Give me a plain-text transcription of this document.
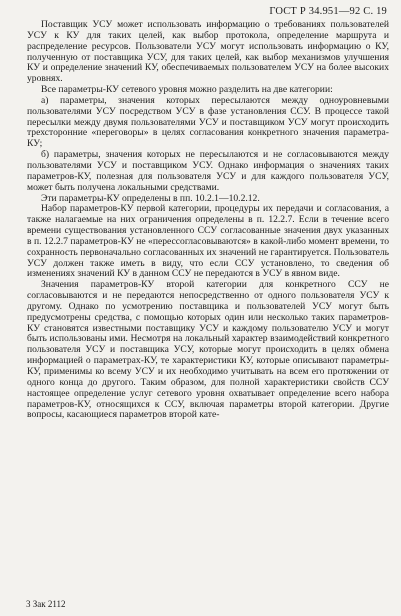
ГОСТ Р 34.951—92 С. 19

Поставщик УСУ может использовать информацию о требованиях пользователей УСУ к КУ для таких целей, как выбор протокола, определение маршрута и распределение ресурсов. Пользователи УСУ могут использовать информацию о КУ, полученную от поставщика УСУ, для таких целей, как выбор механизмов улучшения КУ и определение значений КУ, обеспечиваемых пользователем УСУ на более высоких уровнях.

Все параметры-КУ сетевого уровня можно разделить на две категории:

а) параметры, значения которых пересылаются между одноуровневыми пользователями УСУ посредством УСУ в фазе установления ССУ. В процессе такой пересылки между двумя пользователями УСУ и поставщиком УСУ могут происходить трехсторонние «переговоры» в целях согласования конкретного значения параметра-КУ;

б) параметры, значения которых не пересылаются и не согласовываются между пользователями УСУ и поставщиком УСУ. Однако информация о значениях таких параметров-КУ, полезная для пользователя УСУ и для каждого пользователя УСУ, может быть получена локальными средствами.

Эти параметры-КУ определены в пп. 10.2.1—10.2.12.

Набор параметров-КУ первой категории, процедуры их передачи и согласования, а также налагаемые на них ограничения определены в п. 12.2.7. Если в течение всего времени существования установленного ССУ согласованные значения двух указанных в п. 12.2.7 параметров-КУ не «перессогласовываются» в какой-либо момент времени, то сохранность первоначально согласованных их значений не гарантируется. Пользователь УСУ должен также иметь в виду, что если ССУ установлено, то сведения об изменениях значений КУ в данном ССУ не передаются в УСУ в явном виде.

Значения параметров-КУ второй категории для конкретного ССУ не согласовываются и не передаются непосредственно от одного пользователя УСУ к другому. Однако по усмотрению поставщика и пользователей УСУ могут быть предусмотрены средства, с помощью которых один или несколько таких параметров-КУ становятся известными поставщику УСУ и каждому пользователю УСУ и могут быть использованы ими. Несмотря на локальный характер взаимодействий конкретного пользователя УСУ и поставщика УСУ, которые могут происходить в целях обмена информацией о параметрах-КУ, те характеристики КУ, которые описывают параметры-КУ, применимы ко всему УСУ и их необходимо учитывать на всем его протяжении от одного конца до другого. Таким образом, для полной характеристики свойств ССУ настоящее определение услуг сетевого уровня охватывает определение всего набора параметров-КУ, относящихся к ССУ, включая параметры второй категории. Другие вопросы, касающиеся параметров второй кате-

3 Зак 2112
